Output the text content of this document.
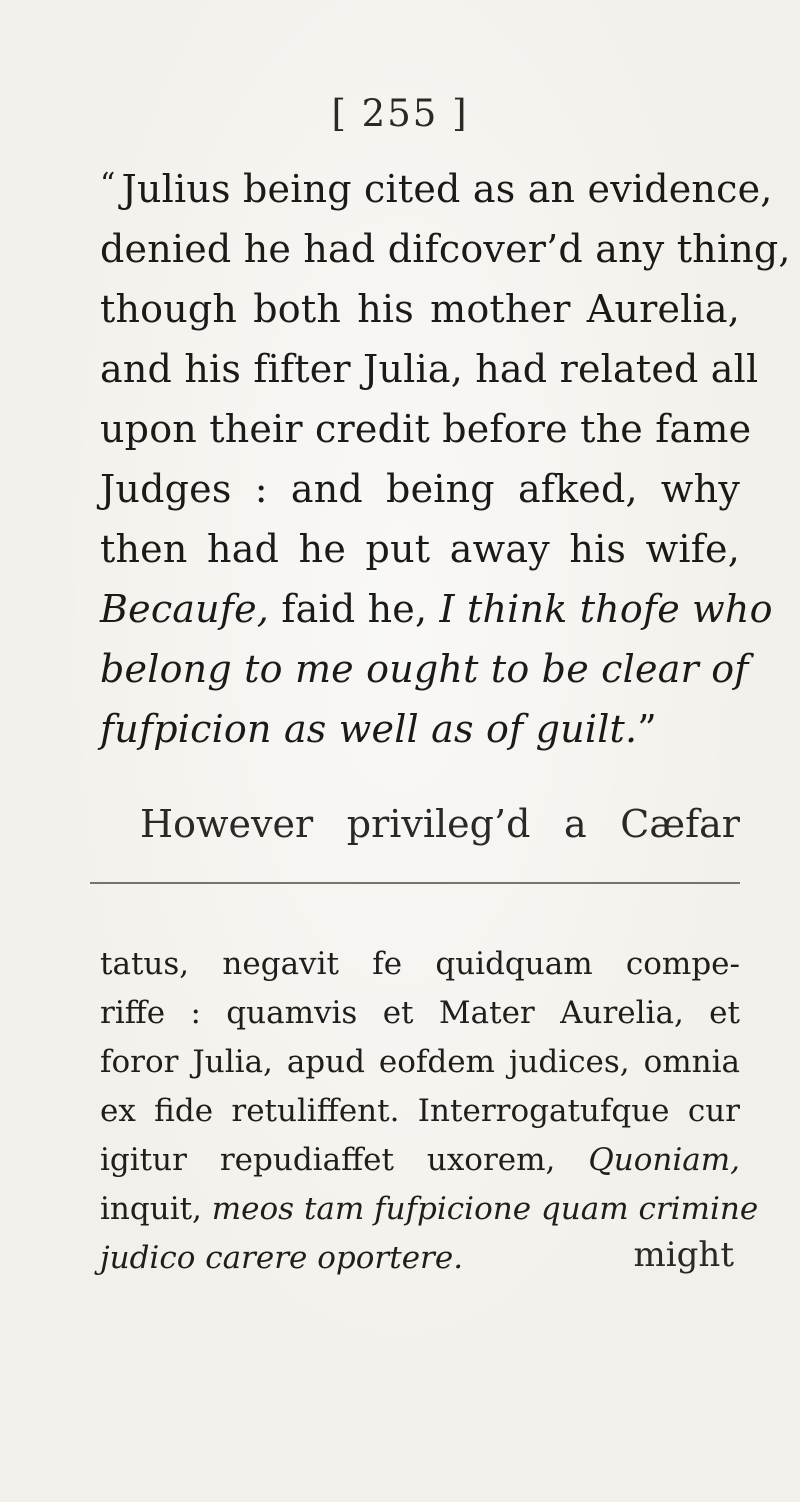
[ 255 ]
“ Julius being cited as an evidence,
denied he had difcover’d any thing,
though both his mother Aurelia,
and his fifter Julia, had related all
upon their credit before the fame
Judges : and being afked, why
then had he put away his wife,
Becaufe, faid he, I think thofe who
belong to me ought to be clear of
fufpicion as well as of guilt.”
However privileg’d a Cæfar
tatus, negavit fe quidquam compe-
riffe : quamvis et Mater Aurelia, et
foror Julia, apud eofdem judices, omnia
ex fide retuliffent. Interrogatufque cur
igitur repudiaffet uxorem, Quoniam,
inquit, meos tam fufpicione quam crimine
judico carere oportere.	might
